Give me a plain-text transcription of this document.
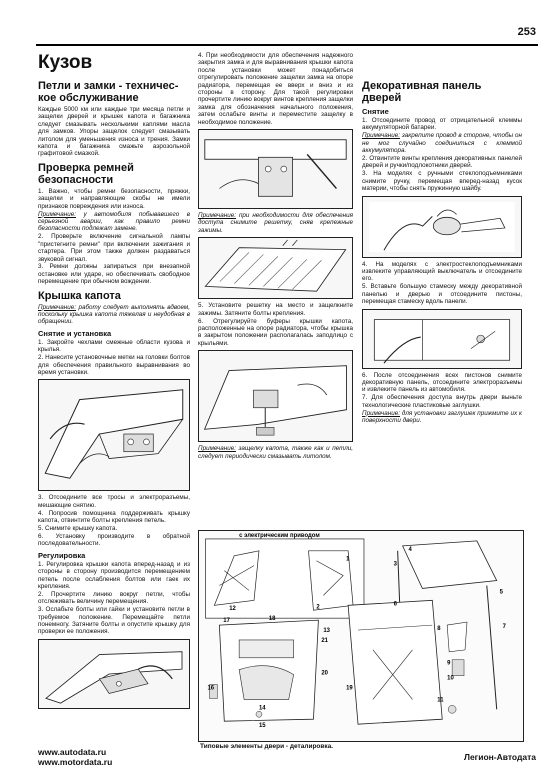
253
Кузов
Петли и замки - техничес-кое обслуживание

Каждые 5000 км или каждые три месяца петли и защелки дверей и крышек капота и багажника следует смазывать несколькими каплями масла для замков. Упоры защелок следует смазывать литолом для уменьшения износа и трения. Замки капота и багажника смажьте аэрозольной графитовой смазкой.

Проверка ремней безопасности

1. Важно, чтобы ремни безопасности, пряжки, защелки и направляющие скобы не имели признаков повреждения или износа.

Примечание: у автомобиля побывавшего в серьезной аварии, как правило ремни безопасности подлежат замене.

2. Проверьте включение сигнальной лампы "пристегните ремни" при включении зажигания и стартера. При этом также должен раздаваться звуковой сигнал.

3. Ремни должны запираться при внезапной остановке или ударе, но обеспечивать свободное перемещение при обычном вождении.

Крышка капота

Примечание: работу следует выполнять вдвоем, поскольку крышка капота тяжелая и неудобная в обращении.

Снятие и установка

1. Закройте чехлами смежные области кузова и крылья.

2. Нанесите установочные метки на головки болтов для обеспечения правильного выравнивания во время установки.

3. Отсоедините все тросы и электроразъемы, мешающие снятию.

4. Попросив помощника поддерживать крышку капота, отвинтите болты крепления петель.

5. Снимите крышку капота.

6. Установку производите в обратной последовательности.

Регулировка

1. Регулировка крышки капота вперед-назад и из стороны в сторону производится перемещением петель после ослабления болтов или гаек их крепления.

2. Прочертите линию вокруг петли, чтобы отслеживать величину перемещения.

3. Ослабьте болты или гайки и установите петли в требуемое положение. Перемещайте петли понемногу. Затяните болты и опустите крышку для проверки ее положения.

4. При необходимости для обеспечения надежного закрытия замка и для выравнивания крышки капота после установки может понадобиться отрегулировать положение защелки замка на опоре радиатора, перемещая ее вверх и вниз и из стороны в сторону. Для такой регулировки прочертите линию вокруг винтов крепления защелки замка для обозначения начального положения, затем ослабьте винты и переместите защелку в необходимое положение.

Примечание: при необходимости для обеспечения доступа снимите решетку, сняв крепежные зажимы.

5. Установите решетку на место и защелкните зажимы. Затяните болты крепления.

6. Отрегулируйте буферы крышки капота, расположенные на опоре радиатора, чтобы крышка в закрытом положении располагалась заподлицо с крыльями.

Примечание: защелку капота, также как и петли, следует периодически смазывать литолом.

Декоративная панель дверей
Снятие

1. Отсоедините провод от отрицательной клеммы аккумуляторной батареи.

Примечание: закрепите провод в стороне, чтобы он не мог случайно соединиться с клеммой аккумулятора.

2. Отвинтите винты крепления декоративных панелей дверей и ручки/подлокотники дверей.

3. На моделях с ручными стеклоподъемниками снимите ручку, перемещая вперед-назад кусок материи, чтобы снять пружинную шайбу.

4. На моделях с электростеклоподъемниками извлеките управляющий выключатель и отсоедините его.

5. Вставьте большую стамеску между декоративной панелью и дверью и отсоедините пистоны, перемещая стамеску вдоль панели.

6. После отсоединения всех пистонов снимите декоративную панель, отсоедините электроразъемы и извлеките панель из автомобиля.

7. Для обеспечения доступа внутрь двери выньте технологические пластиковые заглушки.

Примечание: для установки заглушек прижмите их к поверхности двери.

с электрическим приводом
4
3
6
5
7
8
9
10
11
1
12	2
13
14
15
16
17	18
19
20
21
Типовые элементы двери - деталировка.
www.autodata.ru
www.motordata.ru	Легион-Автодата
